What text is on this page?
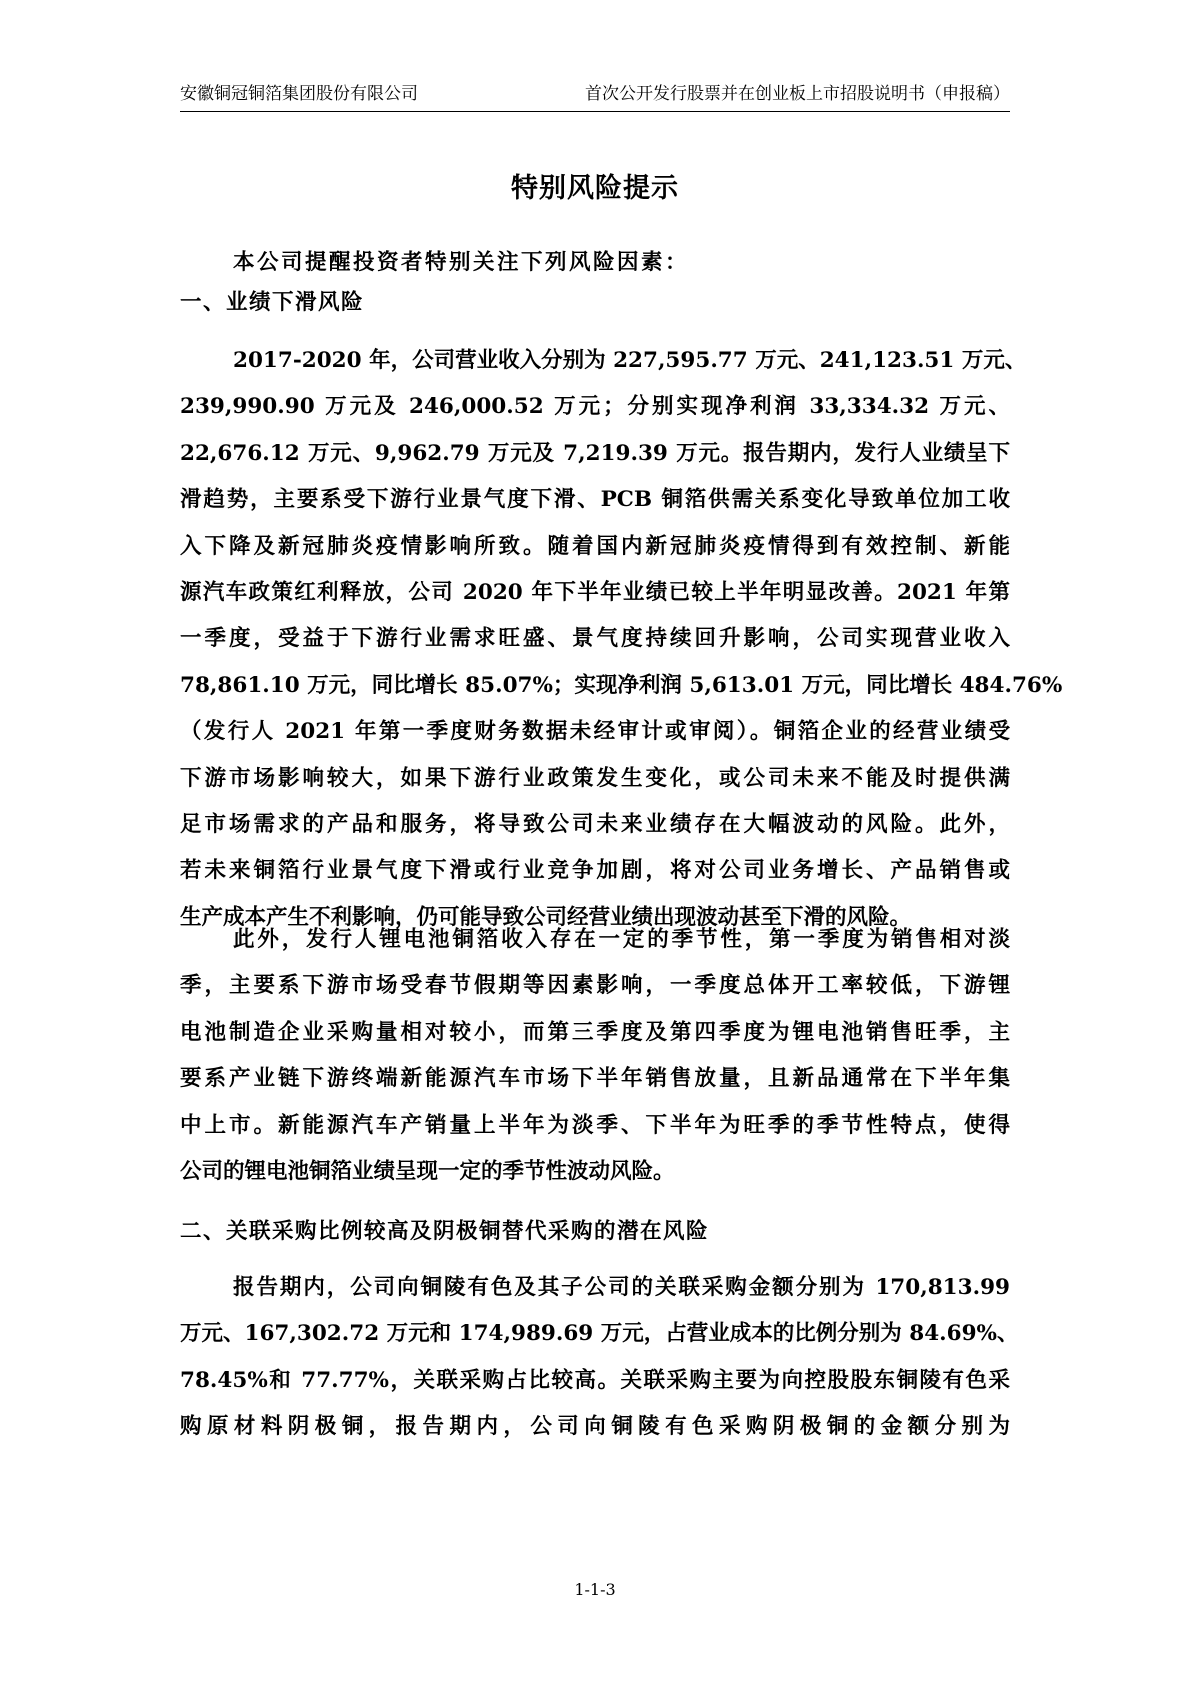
安徽铜冠铜箔集团股份有限公司	首次公开发行股票并在创业板上市招股说明书（申报稿）
特别风险提示
本公司提醒投资者特别关注下列风险因素：
一、业绩下滑风险
2017-2020 年，公司营业收入分别为 227,595.77 万元、241,123.51 万元、
239,990.90 万元及 246,000.52 万元；分别实现净利润 33,334.32 万元、
22,676.12 万元、9,962.79 万元及 7,219.39 万元。报告期内，发行人业绩呈下
滑趋势，主要系受下游行业景气度下滑、PCB 铜箔供需关系变化导致单位加工收
入下降及新冠肺炎疫情影响所致。随着国内新冠肺炎疫情得到有效控制、新能
源汽车政策红利释放，公司 2020 年下半年业绩已较上半年明显改善。2021 年第
一季度，受益于下游行业需求旺盛、景气度持续回升影响，公司实现营业收入
78,861.10 万元，同比增长 85.07%；实现净利润 5,613.01 万元，同比增长 484.76%
（发行人 2021 年第一季度财务数据未经审计或审阅）。铜箔企业的经营业绩受
下游市场影响较大，如果下游行业政策发生变化，或公司未来不能及时提供满
足市场需求的产品和服务，将导致公司未来业绩存在大幅波动的风险。此外，
若未来铜箔行业景气度下滑或行业竞争加剧，将对公司业务增长、产品销售或
生产成本产生不利影响，仍可能导致公司经营业绩出现波动甚至下滑的风险。
此外，发行人锂电池铜箔收入存在一定的季节性，第一季度为销售相对淡
季，主要系下游市场受春节假期等因素影响，一季度总体开工率较低，下游锂
电池制造企业采购量相对较小，而第三季度及第四季度为锂电池销售旺季，主
要系产业链下游终端新能源汽车市场下半年销售放量，且新品通常在下半年集
中上市。新能源汽车产销量上半年为淡季、下半年为旺季的季节性特点，使得
公司的锂电池铜箔业绩呈现一定的季节性波动风险。
二、关联采购比例较高及阴极铜替代采购的潜在风险
报告期内，公司向铜陵有色及其子公司的关联采购金额分别为 170,813.99
万元、167,302.72 万元和 174,989.69 万元，占营业成本的比例分别为 84.69%、
78.45%和 77.77%，关联采购占比较高。关联采购主要为向控股股东铜陵有色采
购原材料阴极铜，报告期内，公司向铜陵有色采购阴极铜的金额分别为
1-1-3
